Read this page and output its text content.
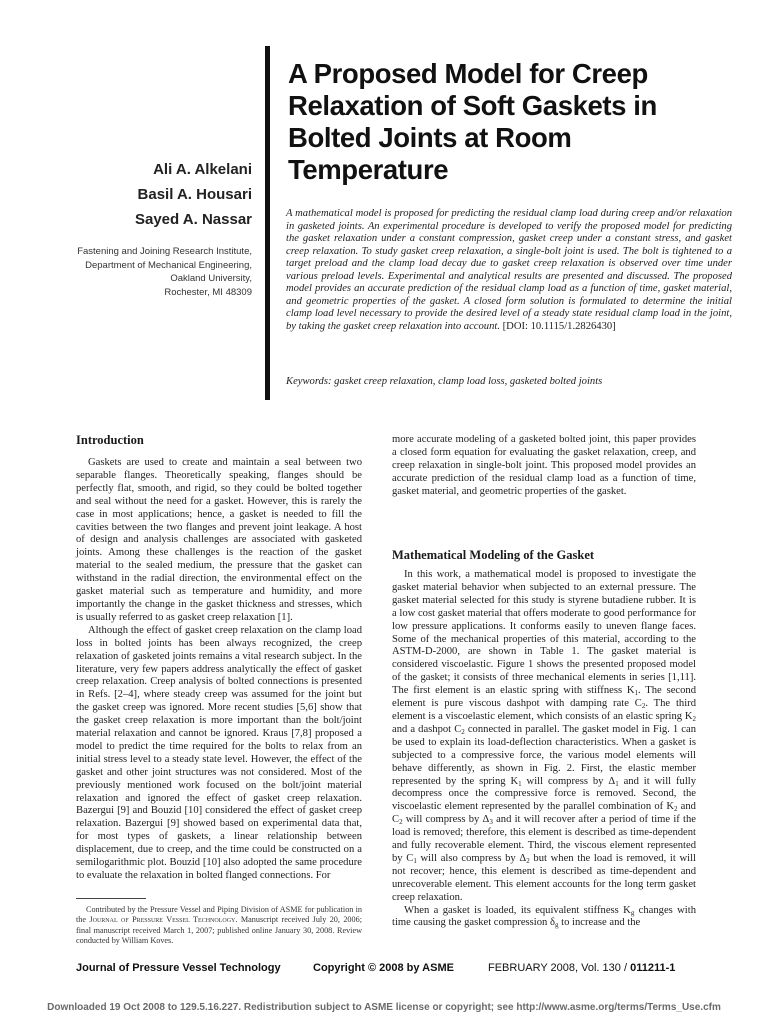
A Proposed Model for Creep Relaxation of Soft Gaskets in Bolted Joints at Room Temperature
Ali A. Alkelani
Basil A. Housari
Sayed A. Nassar
Fastening and Joining Research Institute,
Department of Mechanical Engineering,
Oakland University,
Rochester, MI 48309
A mathematical model is proposed for predicting the residual clamp load during creep and/or relaxation in gasketed joints. An experimental procedure is developed to verify the proposed model for predicting the gasket relaxation under a constant compression, gasket creep under a constant stress, and gasket creep relaxation. To study gasket creep relaxation, a single-bolt joint is used. The bolt is tightened to a target preload and the clamp load decay due to gasket creep relaxation is observed over time under various preload levels. Experimental and analytical results are presented and discussed. The proposed model provides an accurate prediction of the residual clamp load as a function of time, gasket material, and geometric properties of the gasket. A closed form solution is formulated to determine the initial clamp load level necessary to provide the desired level of a steady state residual clamp load in the joint, by taking the gasket creep relaxation into account. [DOI: 10.1115/1.2826430]
Keywords: gasket creep relaxation, clamp load loss, gasketed bolted joints
Introduction

Gaskets are used to create and maintain a seal between two separable flanges. Theoretically speaking, flanges should be perfectly flat, smooth, and rigid, so they could be bolted together and seal without the need for a gasket. However, this is rarely the case in most applications; hence, a gasket is needed to fill the cavities between the two flanges and prevent joint leakage. A host of design and analysis challenges are associated with gasketed joints. Among these challenges is the reaction of the gasket material to the sealed medium, the pressure that the gasket can withstand in the radial direction, the environmental effect on the gasket material such as temperature and humidity, and more importantly the change in the gasket thickness and stresses, which is usually referred to as gasket creep relaxation [1].

Although the effect of gasket creep relaxation on the clamp load loss in bolted joints has been always recognized, the creep relaxation of gasketed joints remains a vital research subject. In the literature, very few papers address analytically the effect of gasket creep relaxation. Creep analysis of bolted connections is presented in Refs. [2–4], where steady creep was assumed for the joint but the gasket creep was ignored. More recent studies [5,6] show that the gasket creep relaxation is more important than the bolt/joint material relaxation and cannot be ignored. Kraus [7,8] proposed a model to predict the time required for the bolts to relax from an initial stress level to a steady state level. However, the effect of the gasket and other joint structures was not considered. Most of the previously mentioned work focused on the bolt/joint material relaxation and ignored the effect of gasket creep relaxation. Bazergui [9] and Bouzid [10] considered the effect of gasket creep relaxation. Bazergui [9] showed based on experimental data that, for most types of gaskets, a linear relationship between displacement, due to creep, and the time could be constructed on a semilogarithmic plot. Bouzid [10] also adopted the same procedure to evaluate the relaxation in bolted flanged connections. For

Contributed by the Pressure Vessel and Piping Division of ASME for publication in the Journal of Pressure Vessel Technology. Manuscript received July 20, 2006; final manuscript received March 1, 2007; published online January 30, 2008. Review conducted by William Koves.

more accurate modeling of a gasketed bolted joint, this paper provides a closed form equation for evaluating the gasket relaxation, creep, and creep relaxation in single-bolt joint. This proposed model provides an accurate prediction of the residual clamp load as a function of time, gasket material, and geometric properties of the gasket.

Mathematical Modeling of the Gasket

In this work, a mathematical model is proposed to investigate the gasket material behavior when subjected to an external pressure. The gasket material selected for this study is styrene butadiene rubber. It is a low cost gasket material that offers moderate to good performance for low pressure applications. It conforms easily to uneven flange faces. Some of the mechanical properties of this material, according to the ASTM-D-2000, are shown in Table 1. The gasket material is considered viscoelastic. Figure 1 shows the presented proposed model of the gasket; it consists of three mechanical elements in series [1,11]. The first element is an elastic spring with stiffness $K_1$. The second element is pure viscous dashpot with damping rate $C_2$. The third element is a viscoelastic element, which consists of an elastic spring $K_2$ and a dashpot $C_2$ connected in parallel. The gasket model in Fig. 1 can be used to explain its load-deflection characteristics. When a gasket is subjected to a compressive force, the various model elements will behave differently, as shown in Fig. 2. First, the elastic member represented by the spring $K_1$ will compress by $\Delta_1$ and it will fully decompress once the compressive force is removed. Second, the viscoelastic element represented by the parallel combination of $K_2$ and $C_2$ will compress by $\Delta_3$ and it will recover after a period of time if the load is removed; therefore, this element is described as time-dependent and fully recoverable element. Third, the viscous element represented by $C_1$ will also compress by $\Delta_2$ but when the load is removed, it will not recover; hence, this element is described as time-dependent and unrecoverable element. This element accounts for the long term gasket creep relaxation.

When a gasket is loaded, its equivalent stiffness $K_g$ changes with time causing the gasket compression $\delta_g$ to increase and the

Journal of Pressure Vessel Technology	Copyright © 2008 by ASME	FEBRUARY 2008, Vol. 130 / 011211-1
Downloaded 19 Oct 2008 to 129.5.16.227. Redistribution subject to ASME license or copyright; see http://www.asme.org/terms/Terms_Use.cfm
